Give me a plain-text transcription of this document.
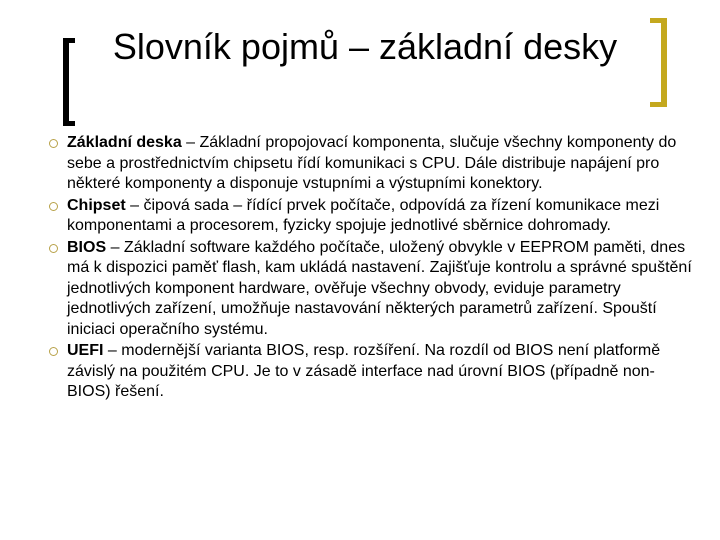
Slovník pojmů – základní desky
Základní deska – Základní propojovací komponenta, slučuje všechny komponenty do sebe a prostřednictvím chipsetu řídí komunikaci s CPU. Dále distribuje napájení pro některé komponenty a disponuje vstupními a výstupními konektory.
Chipset – čipová sada – řídící prvek počítače, odpovídá za řízení komunikace mezi komponentami a procesorem, fyzicky spojuje jednotlivé sběrnice dohromady.
BIOS – Základní software každého počítače, uložený obvykle v EEPROM paměti, dnes má k dispozici paměť flash, kam ukládá nastavení. Zajišťuje kontrolu a správné spuštění jednotlivých komponent hardware, ověřuje všechny obvody, eviduje parametry jednotlivých zařízení, umožňuje nastavování některých parametrů zařízení. Spouští iniciaci operačního systému.
UEFI – modernější varianta BIOS, resp. rozšíření. Na rozdíl od BIOS není platformě závislý na použitém CPU. Je to v zásadě interface nad úrovní BIOS (případně non-BIOS) řešení.
